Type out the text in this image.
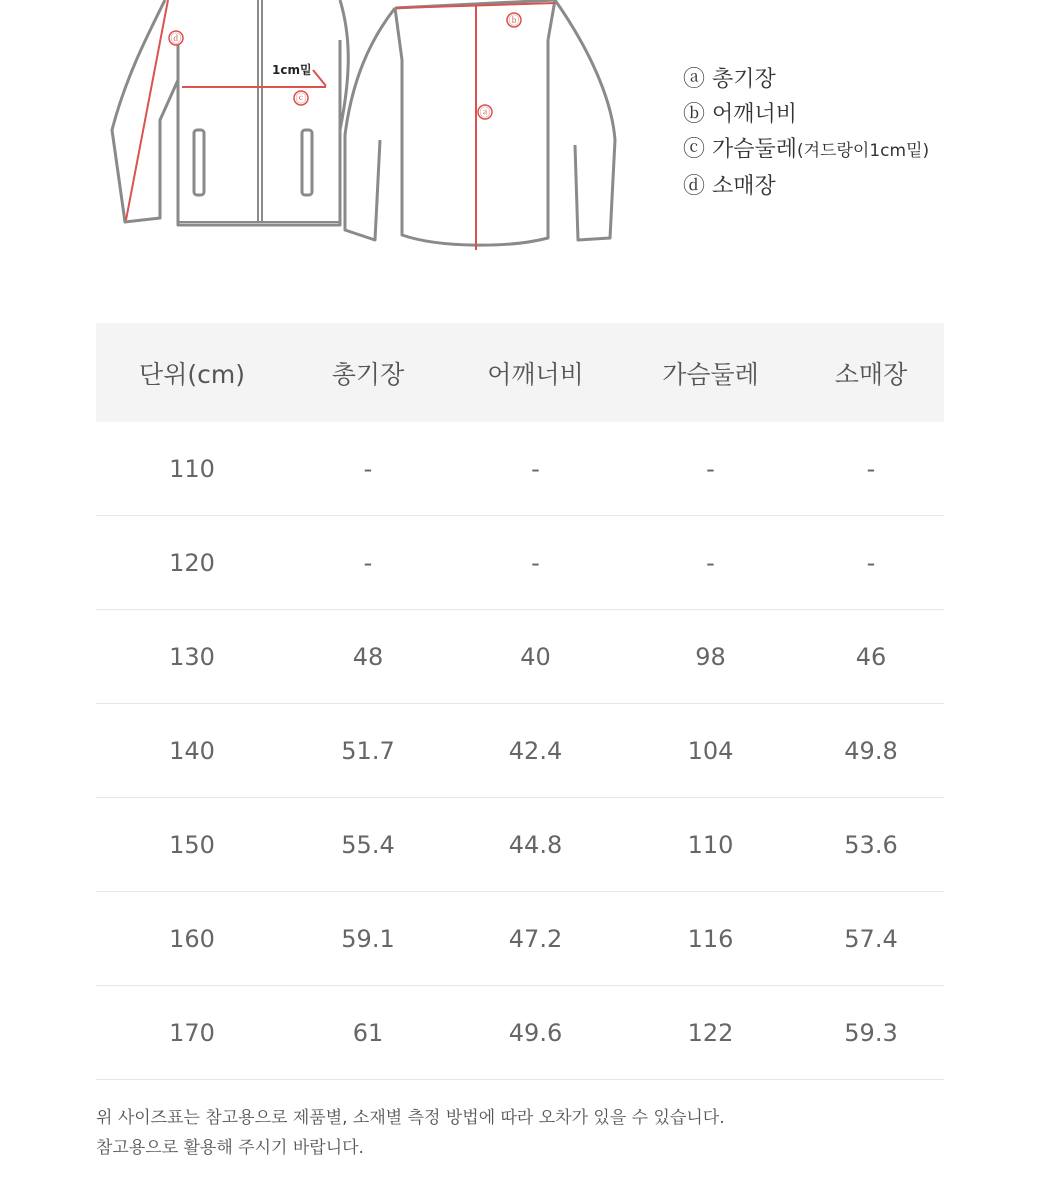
ⓓ
ⓒ
ⓐ
ⓑ
1cm밑	ⓐ 총기장
ⓑ 어깨너비
ⓒ 가슴둘레(겨드랑이1cm밑)
ⓓ 소매장
단위(cm)	총기장	어깨너비	가슴둘레	소매장
110	-	-	-	-
120	-	-	-	-
130	48	40	98	46
140	51.7	42.4	104	49.8
150	55.4	44.8	110	53.6
160	59.1	47.2	116	57.4
170	61	49.6	122	59.3
위 사이즈표는 참고용으로 제품별, 소재별 측정 방법에 따라 오차가 있을 수 있습니다.
참고용으로 활용해 주시기 바랍니다.
